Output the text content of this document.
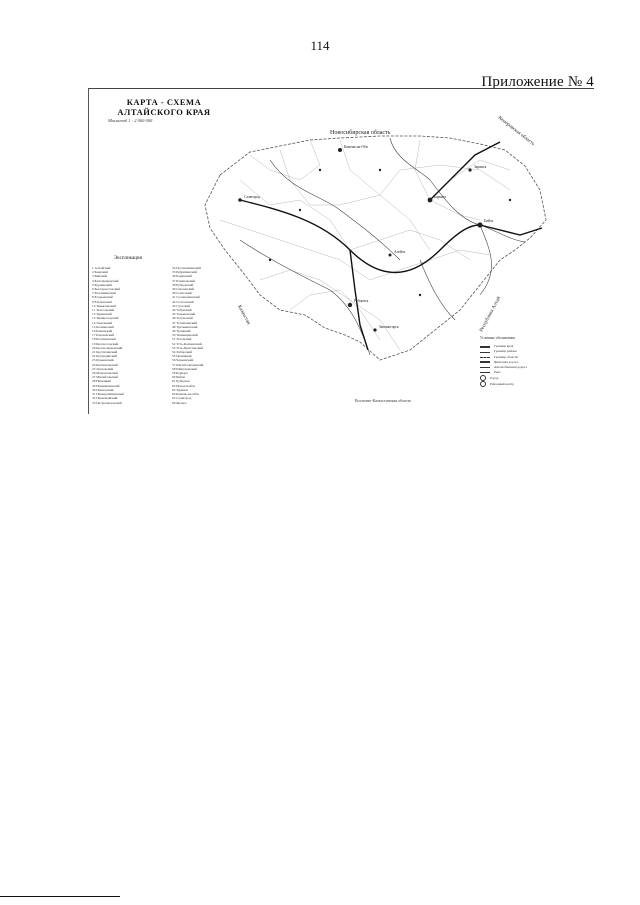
114
Приложение № 4
КАРТА - СХЕМА
АЛТАЙСКОГО КРАЯ
Масштаб 1 : 2 000 000
Экспликация
1 Алтайский
2 Баевский
3 Бийский
4 Благовещенский
5 Бурлинский
6 Быстроистокский
7 Волчихинский
8 Егорьевский
9 Ельцовский
10 Завьяловский
11 Залесовский
12 Заринский
13 Змеиногорский
14 Зональный
15 Калманский
16 Каменский
17 Ключевский
18 Косихинский
19 Красногорский
20 Краснощековский
21 Крутихинский
22 Кулундинский
23 Курьинский
24 Кытмановский
25 Локтевский
26 Мамонтовский
27 Михайловский
28 Немецкий
29 Новичихинский
30 Павловский
31 Панкрушихинский
32 Первомайский
33 Петропавловский
34 Поспелихинский
35 Ребрихинский
36 Родинский
37 Романовский
38 Рубцовский
39 Смоленский
40 Советский
41 Солонешенский
42 Солтонский
43 Суетский
44 Табунский
45 Тальменский
46 Тогульский
47 Топчихинский
48 Третьяковский
49 Троицкий
50 Тюменцевский
51 Угловский
52 Усть-Калманский
53 Усть-Пристанский
54 Хабарский
55 Целинный
56 Чарышский
57 Шелаболихинский
58 Шипуновский
59 Барнаул
60 Бийск
61 Рубцовск
62 Новоалтайск
63 Заринск
64 Камень-на-Оби
65 Славгород
66 Яровое
Условные обозначения
Граница края
Граница района
Граница области
Железная дорога
Автомобильная дорога
Река
Город
Районный центр
Новосибирская область	Кемеровская область
Казахстан	Республика Алтай
Восточно-Казахстанская область
Барнаул
Бийск
Рубцовск
Камень-на-Оби
Славгород
Заринск
Алейск
Змеиногорск
